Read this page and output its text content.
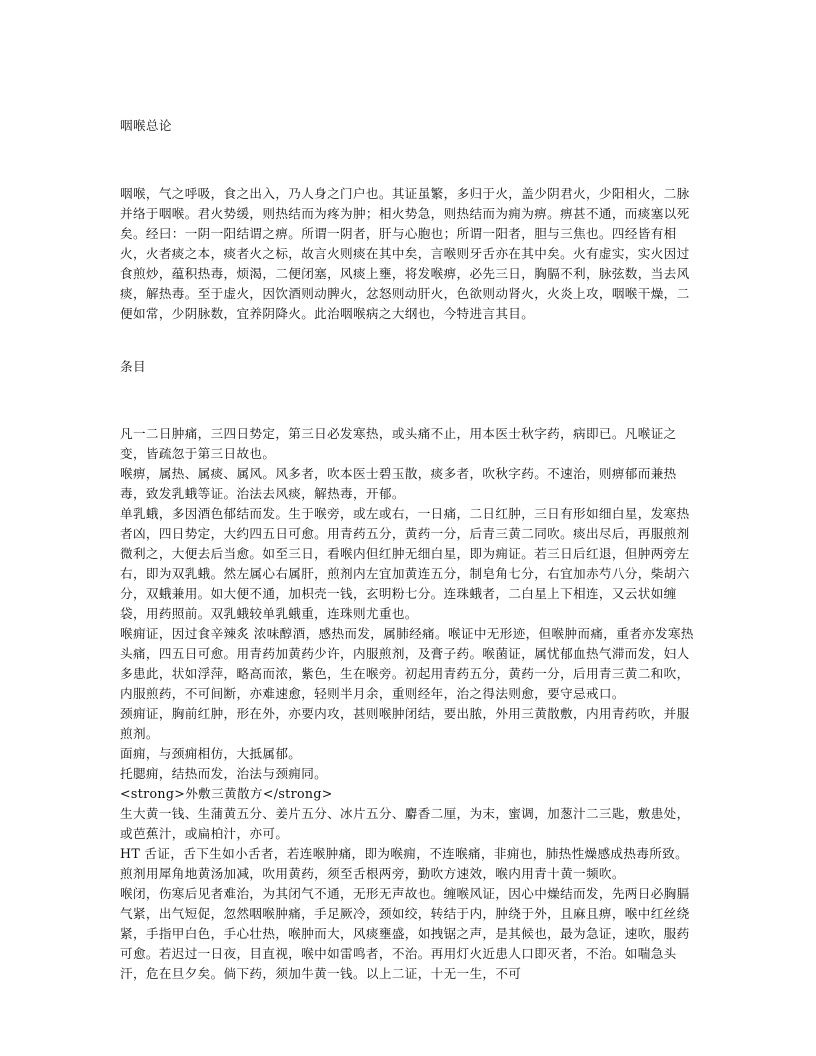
咽喉总论

咽喉，气之呼吸，食之出入，乃人身之门户也。其证虽繁，多归于火，盖少阴君火，少阳相火，二脉并络于咽喉。君火势缓，则热结而为疼为肿；相火势急，则热结而为痈为痹。痹甚不通，而痰塞以死矣。经曰：一阴一阳结谓之痹。所谓一阴者，肝与心胞也；所谓一阳者，胆与三焦也。四经皆有相火，火者痰之本，痰者火之标，故言火则痰在其中矣，言喉则牙舌亦在其中矣。火有虚实，实火因过食煎炒，蕴积热毒，烦渴，二便闭塞，风痰上壅，将发喉痹，必先三日，胸膈不利，脉弦数，当去风痰，解热毒。至于虚火，因饮酒则动脾火，忿怒则动肝火，色欲则动肾火，火炎上攻，咽喉干燥，二便如常，少阴脉数，宜养阴降火。此治咽喉病之大纲也，今特进言其目。

条目

凡一二日肿痛，三四日势定，第三日必发寒热，或头痛不止，用本医士秋字药，病即已。凡喉证之变，皆疏忽于第三日故也。

喉痹，属热、属痰、属风。风多者，吹本医士碧玉散，痰多者，吹秋字药。不速治，则痹郁而兼热毒，致发乳蛾等证。治法去风痰，解热毒，开郁。

单乳蛾，多因酒色郁结而发。生于喉旁，或左或右，一日痛，二日红肿，三日有形如细白星，发寒热者凶，四日势定，大约四五日可愈。用青药五分，黄药一分，后青三黄二同吹。痰出尽后，再服煎剂微利之，大便去后当愈。如至三日，看喉内但红肿无细白星，即为痈证。若三日后红退，但肿两旁左右，即为双乳蛾。然左属心右属肝，煎剂内左宜加黄连五分，制皂角七分，右宜加赤芍八分，柴胡六分，双蛾兼用。如大便不通，加枳壳一钱，玄明粉七分。连珠蛾者，二白星上下相连，又云状如缠袋，用药照前。双乳蛾较单乳蛾重，连珠则尤重也。

喉痈证，因过食辛辣炙 浓味醇酒，感热而发，属肺经痛。喉证中无形迹，但喉肿而痛，重者亦发寒热头痛，四五日可愈。用青药加黄药少许，内服煎剂，及膏子药。喉菌证，属忧郁血热气滞而发，妇人多患此，状如浮萍，略高而浓，紫色，生在喉旁。初起用青药五分，黄药一分，后用青三黄二和吹，内服煎药，不可间断，亦难速愈，轻则半月余，重则经年，治之得法则愈，要守忌戒口。

颈痈证，胸前红肿，形在外，亦要内攻，甚则喉肿闭结，要出脓，外用三黄散敷，内用青药吹，并服煎剂。

面痈，与颈痈相仿，大抵属郁。

托腮痈，结热而发，治法与颈痈同。

<strong>外敷三黄散方</strong>

生大黄一钱、生蒲黄五分、姜片五分、冰片五分、麝香二厘，为末，蜜调，加葱汁二三匙，敷患处，或芭蕉汁，或扁柏汁，亦可。

HT 舌证，舌下生如小舌者，若连喉肿痛，即为喉痈，不连喉痛，非痈也，肺热性燥感成热毒所致。煎剂用犀角地黄汤加减，吹用黄药，须至舌根两旁，勤吹方速效，喉内用青十黄一频吹。

喉闭，伤寒后见者难治，为其闭气不通，无形无声故也。缠喉风证，因心中燥结而发，先两日必胸膈气紧，出气短促，忽然咽喉肿痛，手足厥冷，颈如绞，转结于内，肿绕于外，且麻且痹，喉中红丝绕紧，手指甲白色，手心壮热，喉肿而大，风痰壅盛，如拽锯之声，是其候也，最为急证，速吹，服药可愈。若迟过一日夜，目直视，喉中如雷鸣者，不治。再用灯火近患人口即灭者，不治。如喘急头汗，危在旦夕矣。倘下药，须加牛黄一钱。以上二证，十无一生，不可
